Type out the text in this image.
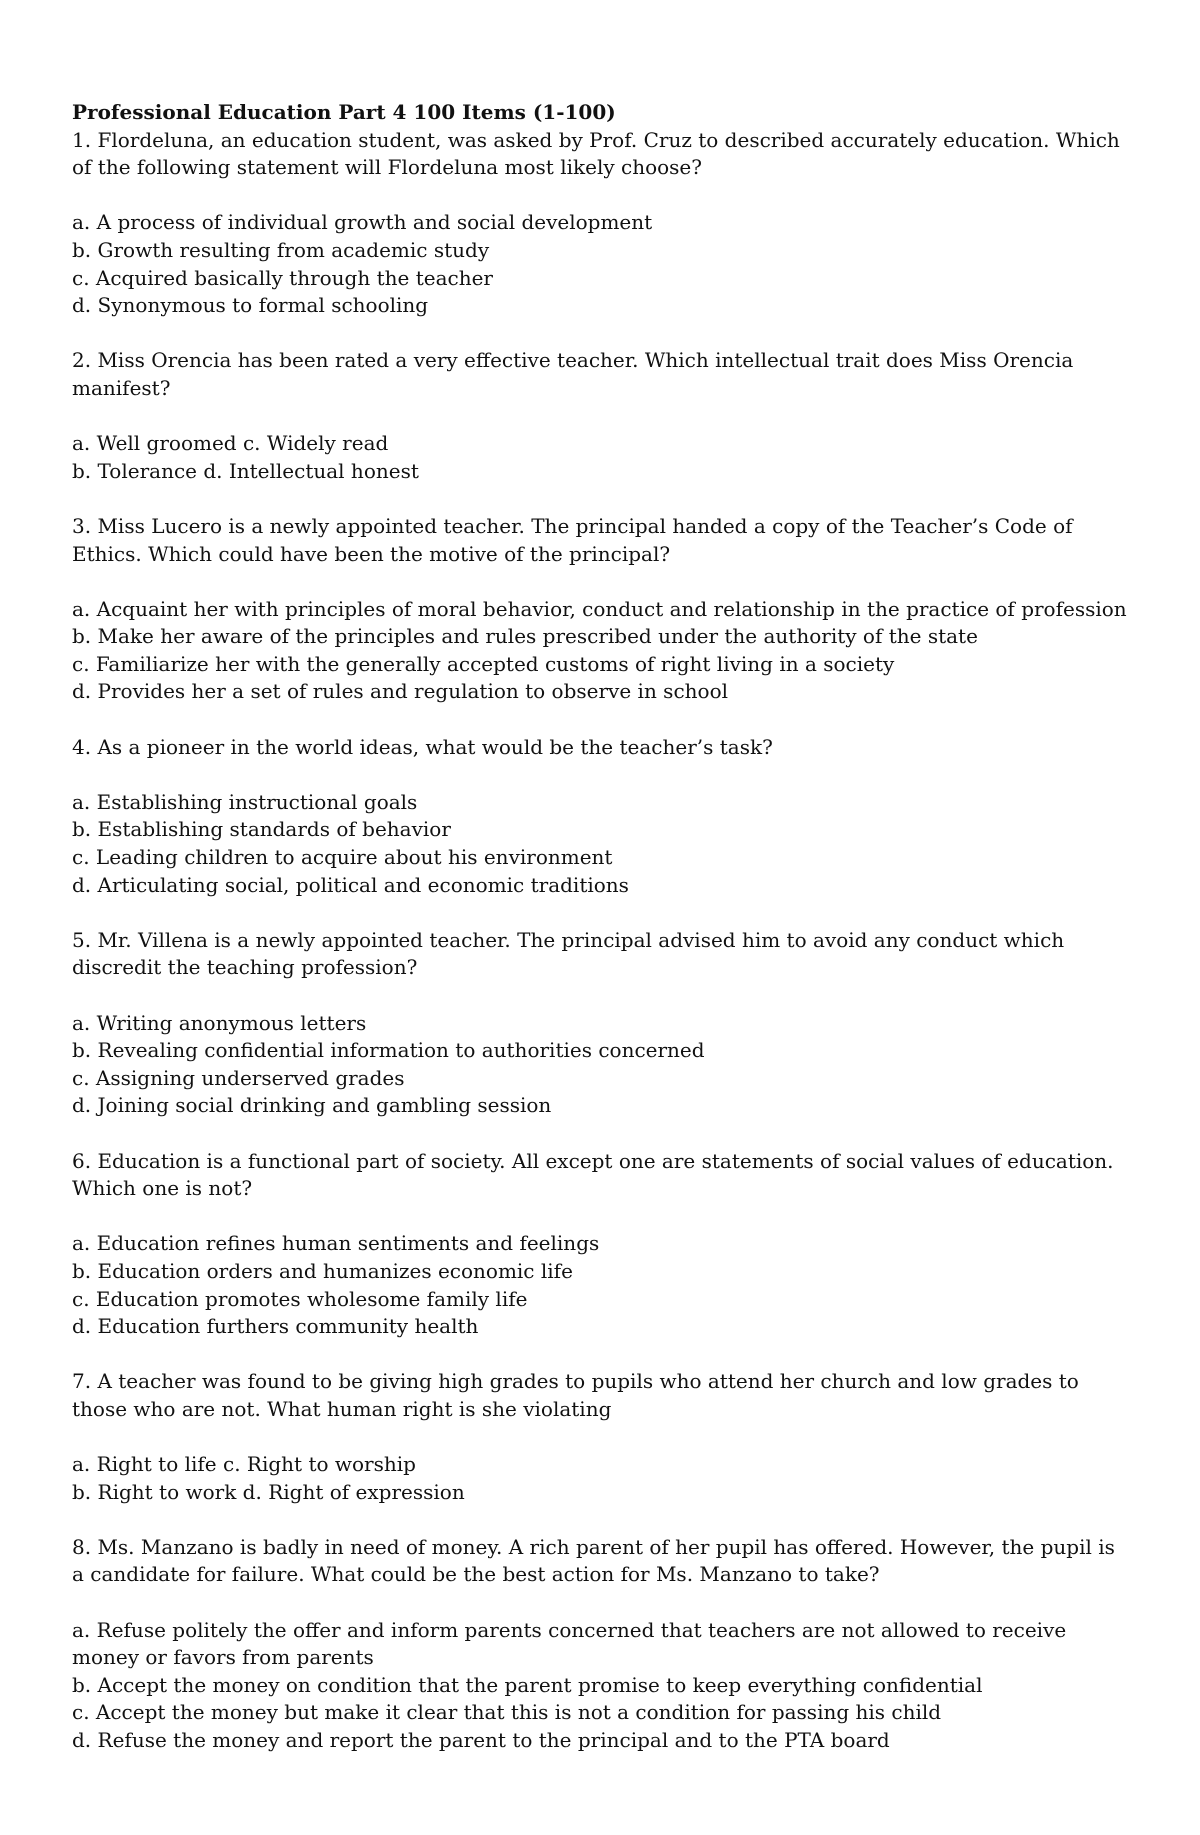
Professional Education Part 4 100 Items (1-100)

1. Flordeluna, an education student, was asked by Prof. Cruz to described accurately education. Which of the following statement will Flordeluna most likely choose?

a. A process of individual growth and social development

b. Growth resulting from academic study

c. Acquired basically through the teacher

d. Synonymous to formal schooling

2. Miss Orencia has been rated a very effective teacher. Which intellectual trait does Miss Orencia manifest?

a. Well groomed c. Widely read

b. Tolerance d. Intellectual honest

3. Miss Lucero is a newly appointed teacher. The principal handed a copy of the Teacher’s Code of Ethics. Which could have been the motive of the principal?

a. Acquaint her with principles of moral behavior, conduct and relationship in the practice of profession

b. Make her aware of the principles and rules prescribed under the authority of the state

c. Familiarize her with the generally accepted customs of right living in a society

d. Provides her a set of rules and regulation to observe in school

4. As a pioneer in the world ideas, what would be the teacher’s task?

a. Establishing instructional goals

b. Establishing standards of behavior

c. Leading children to acquire about his environment

d. Articulating social, political and economic traditions

5. Mr. Villena is a newly appointed teacher. The principal advised him to avoid any conduct which discredit the teaching profession?

a. Writing anonymous letters

b. Revealing confidential information to authorities concerned

c. Assigning underserved grades

d. Joining social drinking and gambling session

6. Education is a functional part of society. All except one are statements of social values of education. Which one is not?

a. Education refines human sentiments and feelings

b. Education orders and humanizes economic life

c. Education promotes wholesome family life

d. Education furthers community health

7. A teacher was found to be giving high grades to pupils who attend her church and low grades to those who are not. What human right is she violating

a. Right to life c. Right to worship

b. Right to work d. Right of expression

8. Ms. Manzano is badly in need of money. A rich parent of her pupil has offered. However, the pupil is a candidate for failure. What could be the best action for Ms. Manzano to take?

a. Refuse politely the offer and inform parents concerned that teachers are not allowed to receive money or favors from parents

b. Accept the money on condition that the parent promise to keep everything confidential

c. Accept the money but make it clear that this is not a condition for passing his child

d. Refuse the money and report the parent to the principal and to the PTA board
